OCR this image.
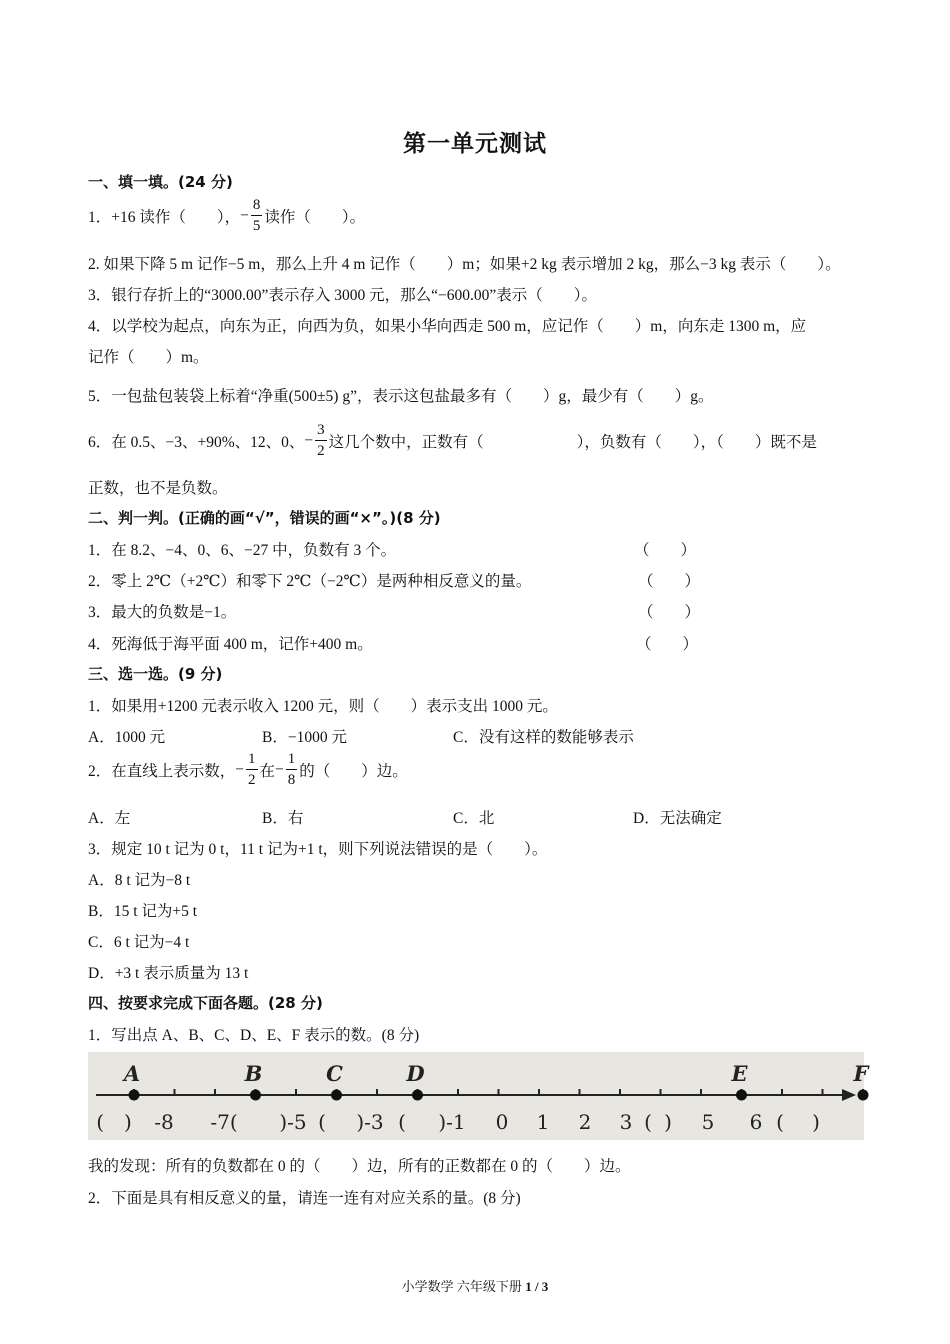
第一单元测试
一、填一填。(24 分)
1．+16 读作（　　），− $\frac{8}{5}$ 读作（　　）。
2. 如果下降 5 m 记作−5 m，那么上升 4 m 记作（　　）m；如果+2 kg 表示增加 2 kg，那么−3 kg 表示（　　）。
3．银行存折上的“3000.00”表示存入 3000 元，那么“−600.00”表示（　　）。
4．以学校为起点，向东为正，向西为负，如果小华向西走 500 m，应记作（　　）m，向东走 1300 m，应
记作（　　）m。
5．一包盐包装袋上标着“净重(500±5) g”，表示这包盐最多有（　　）g，最少有（　　）g。
6．在 0.5、−3、+90%、12、0、− $\frac{3}{2}$ 这几个数中，正数有（　　　　　　），负数有（　　），（　　）既不是
正数，也不是负数。
二、判一判。(正确的画“√”，错误的画“×”。)(8 分)
1．在 8.2、−4、0、6、−27 中，负数有 3 个。	（　　）
2．零上 2℃（+2℃）和零下 2℃（−2℃）是两种相反意义的量。	（　　）
3．最大的负数是−1。	（　　）
4．死海低于海平面 400 m，记作+400 m。	（　　）
三、选一选。(9 分)
1．如果用+1200 元表示收入 1200 元，则（　　）表示支出 1000 元。
A．1000 元	B．−1000 元	C．没有这样的数能够表示
2．在直线上表示数，− $\frac{1}{2}$ 在− $\frac{1}{8}$ 的（　　）边。
A．左	B．右	C．北	D．无法确定
3．规定 10 t 记为 0 t，11 t 记为+1 t，则下列说法错误的是（　　）。
A．8 t 记为−8 t
B．15 t 记为+5 t
C．6 t 记为−4 t
D．+3 t 表示质量为 13 t
四、按要求完成下面各题。(28 分)
1．写出点 A、B、C、D、E、F 表示的数。(8 分)
A	B	C	D	E	F
(　) -8 -7( )-5 ( )-3 ( )-1 0 1 2 3 ( ) 5 6 ( )
我的发现：所有的负数都在 0 的（　　）边，所有的正数都在 0 的（　　）边。
2．下面是具有相反意义的量，请连一连有对应关系的量。(8 分)
小学数学 六年级下册 1 / 3
